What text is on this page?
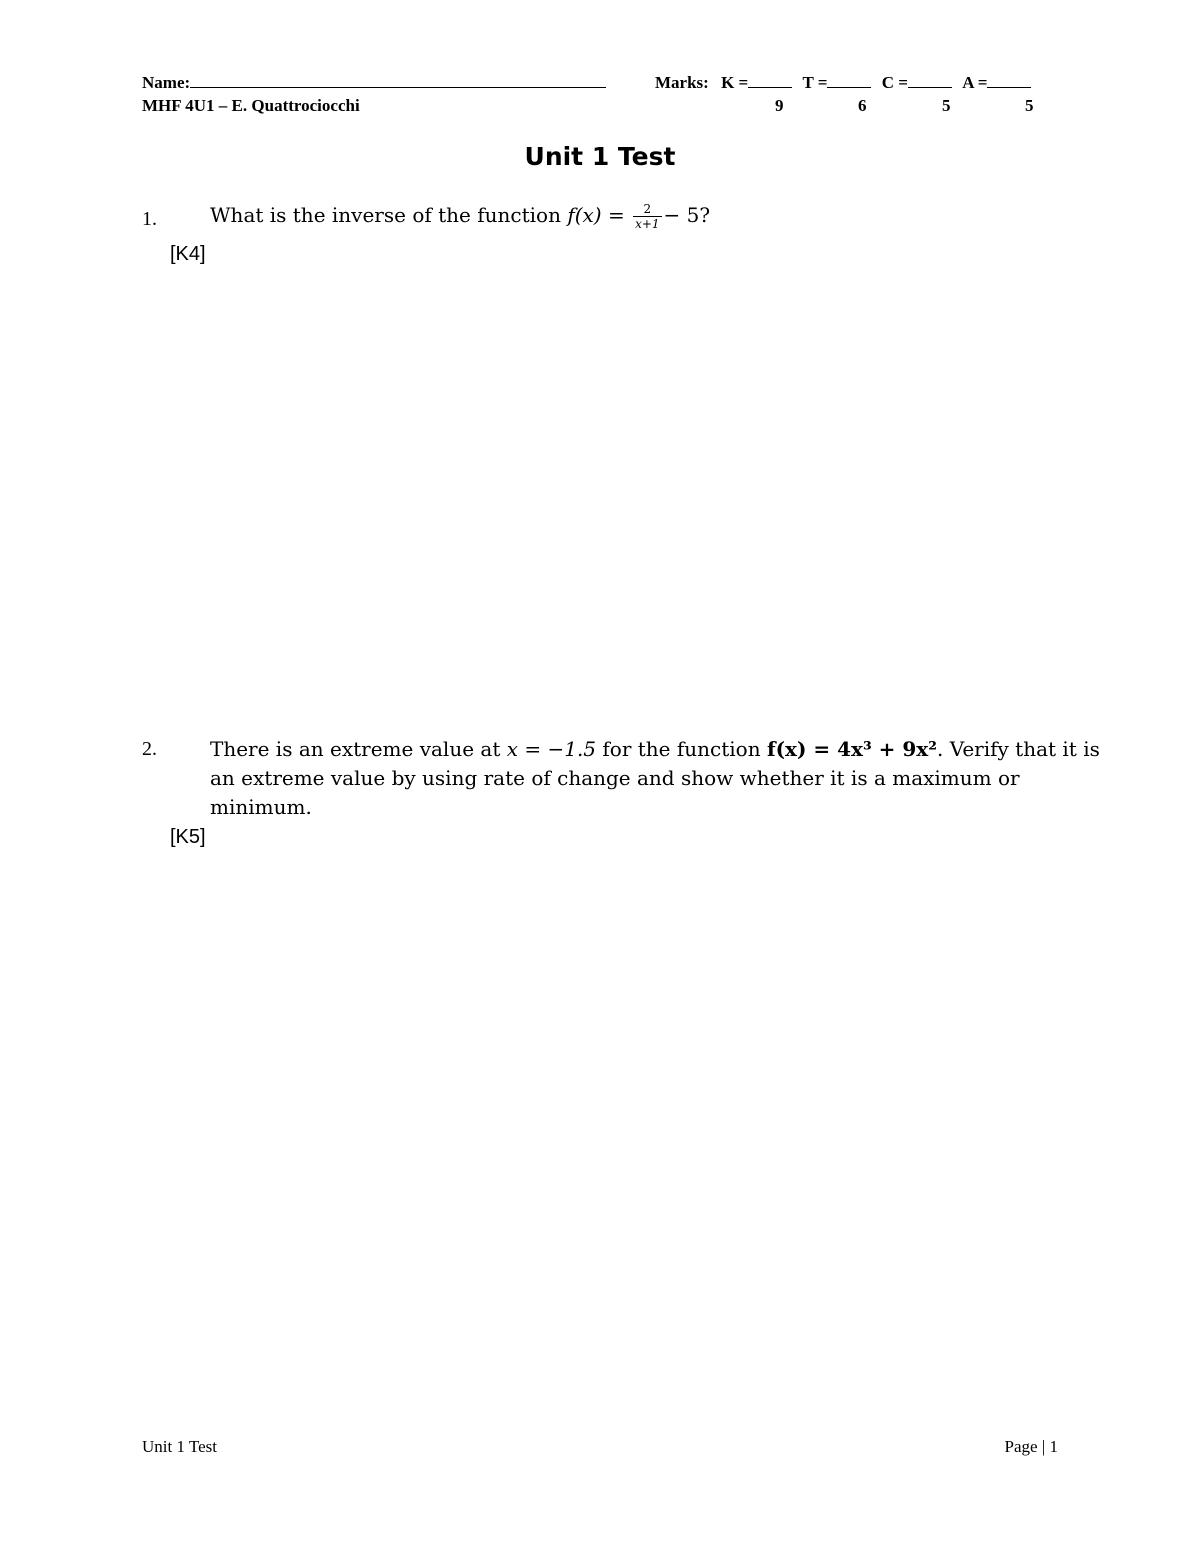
Name:
MHF 4U1 – E. Quattrociocchi
Marks: K =	T =	C =	A =
9	6	5	5
Unit 1 Test
1.	What is the inverse of the function $f(x) = \frac{2}{x+1} - 5$?
[K4]
2.	There is an extreme value at x = −1.5 for the function f(x) = 4x³ + 9x². Verify that it is
an extreme value by using rate of change and show whether it is a maximum or
minimum.
[K5]
Unit 1 Test	Page | 1
